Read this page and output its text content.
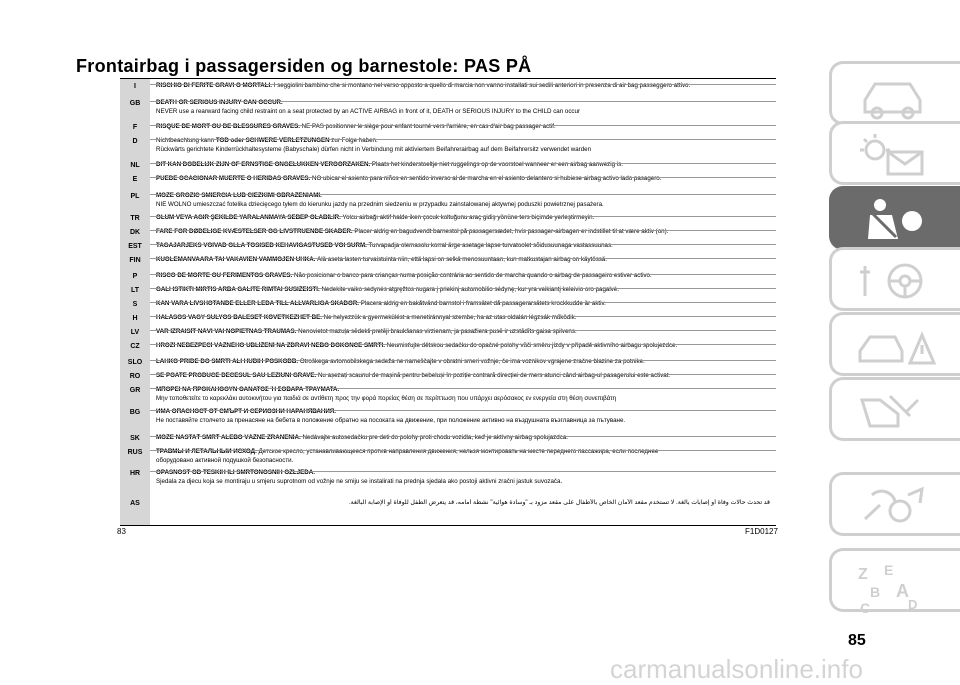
Frontairbag i passagersiden og barnestole: PAS PÅ
I	RISCHIO DI FERITE GRAVI O MORTALI. I seggiolini bambino che si montano nel verso opposto a quello di marcia non vanno installati sui sedili anteriori in presenza di air bag passeggero attivo.
GB	DEATH OR SERIOUS INJURY CAN OCCUR.
NEVER use a rearward facing child restraint on a seat protected by an ACTIVE AIRBAG in front of it, DEATH or SERIOUS INJURY to the CHILD can occur
F	RISQUE DE MORT OU DE BLESSURES GRAVES. NE PAS positionner le siège pour enfant tourné vers l'arrière, en cas d'air bag passager actif.
D	Nichtbeachtung kann TOD oder SCHWERE VERLETZUNGEN zur Folge haben.
Rückwärts gerichtete Kinderrückhaltesysteme (Babyschale) dürfen nicht in Verbindung mit aktiviertem Beifahrerairbag auf dem Beifahrersitz verwendet warden
NL	DIT KAN DODELIJK ZIJN OF ERNSTIGE ONGELUKKEN VEROORZAKEN. Plaats het kinderstoeltje niet ruggelings op de voorstoel wanneer er een airbag aanwezig is.
E	PUEDE OCACIONAR MUERTE O HERIDAS GRAVES. NO ubicar el asiento para niños en sentido inverso al de marcha en el asiento delantero si hubiese airbag activo lado pasagero.
PL	MOŻE GROZIĆ ŚMIERCIA LUB CIEŻKIMI OBRAŻENIAMI.
NIE WOLNO umieszczać fotelika dziecięcego tyłem do kierunku jazdy na przednim siedzeniu w przypadku zainstalowanej aktywnej poduszki powietrznej pasażera.
TR	ÖLÜM VEYA AĞIR ŞEKİLDE YARALANMAYA SEBEP OLABİLİR. Yolcu airbağı aktif halde iken çocuk koltuğunu araç gidiş yönüne ters biçimde yerleştirmeyin.
DK	FARE FOR DØDELIGE KVÆSTELSER OG LIVSTRUENDE SKADER. Placer aldrig en bagudvendt barnestol på passagersædet, hvis passager-airbagen er indstillet til at være aktiv (on).
EST	TAGAJÄRJEKS VÕIVAD OLLA TÕSISED KEHAVIGASTUSED VÕI SURM. Turvapadja olemasolu korral ärge asetage lapse turvatoolet sõidusuunaga vastassuunas.
FIN	KUOLEMANVAARA TAI VAKAVIEN VAMMOJEN UHKA. Älä aseta lasten turvaistuinta niin, että lapsi on selkä menosuuntaan, kun matkustajan airbag on käytössä.
P	RISCO DE MORTE OU FERIMENTOS GRAVES. Não posicionar o banco para crianças numa posição contrária ao sentido de marcha quando o airbag de passageiro estiver activo.
LT	GALI IŠTIKTI MIRTIS ARBA GALITE RIMTAI SUSIŽEISTI. Nedekite vaiko sedynės atgręžtos nugara į priekinį automobilio sėdynę, kur yra veikiantį keleivio oro pagalvė.
S	KAN VARA LIVSHOTANDE ELLER LEDA TILL ALLVARLIGA SKADOR. Placera aldrig en bakåtvänd barnstol i framsätet då passagerarsätets krockkudde är aktiv.
H	HALÁSOS VAGY SÚLYOS BALESET KÖVETKEZHET BE. Ne helyezzük a gyermekülést a menetiránnyal szembe, ha az utas oldalán légzsák működik.
LV	VAR IZRAISĪT NĀVI VAI NOPIETNAS TRAUMAS. Nenovietot mazuļa sēdekli pretēji braukšanas virzienam, ja pasažiera pusē ir uzstādīts gaisa spilvens.
CZ	HROZÍ NEBEZPEČÍ VÁŽNÉHO UBLÍŽENÍ NA ZDRAVÍ NEBO DOKONCE SMRTI. Neumisťujte dětskou sedačku do opačné polohy vůči směru jízdy v případě aktivního airbagu spolujezdce.
SLO	LAHKO PRIDE DO SMRTI ALI HUDIH POŠKODB. Otroškega avtomobilskega sedeža ne nameščajte v obratni smeri vožnje, če ima voznikov vgrajene zračne blazine za potnike.
RO	SE POATE PRODUCE DECESUL SAU LEZIUNI GRAVE. Nu așezați scaunul de mașină pentru bebeluși în poziție contrară direcției de mers atunci când airbag-ul pasagerului este activat.
GR	ΜΠΟΡΕΙ ΝΑ ΠΡΟΚΛΗΘΟΥΝ ΘΑΝΑΤΟΣ Ή ΣΟΒΑΡΑ ΤΡΑΥΜΑΤΑ.
Μην τοποθετείτε το καρεκλάκι αυτοκινήτου για παιδιά σε αντίθετη προς την φορά πορείας θέση σε περίπτωση που υπάρχει αερόσακος εν ενεργεία στη θέση συνεπιβάτη
BG	ИМА ОПАСНОСТ ОТ СМЪРТ И СЕРИОЗНИ НАРАНЯВАНИЯ.
Не поставяйте столчето за пренасяне на бебета в положение обратно на посоката на движение, при положение активно на въздушната възглавница за пътуване.
SK	MÔŽE NASTAŤ SMRŤ ALEBO VÁŽNE ZRANENIA. Nedávajte autosedačku pre deti do polohy proti chodu vozidla, keď je aktívny airbag spolujazdca.
RUS	ТРАВМЫ И ЛЕТАЛЬНЫЙ ИСХОД. Детское кресло, устанавливающееся против направления движения, нельзя монтировать на месте переднего пассажира, если последнее
оборудовано активной подушкой безопасности.
HR	OPASNOST OD TEŠKIH ILI SMRTONOSNIH OZLJEDA.
Sjedala za djecu koja se montiraju u smjeru suprotnom od vožnje ne smiju se instalirati na prednja sjedala ako postoji aktivni zračni jastuk suvozača.
AS	قد تحدث حالات وفاة أو إصابات بالغة. لا تستخدم مقعد الأمان الخاص بالأطفال على مقعد مزود بـ "وسادة هوائية" نشطة أمامه، قد يتعرض الطفل للوفاة أو الإصابة البالغة.
83	F1D0127
85
carmanualsonline.info
Z E
B A
C	D
